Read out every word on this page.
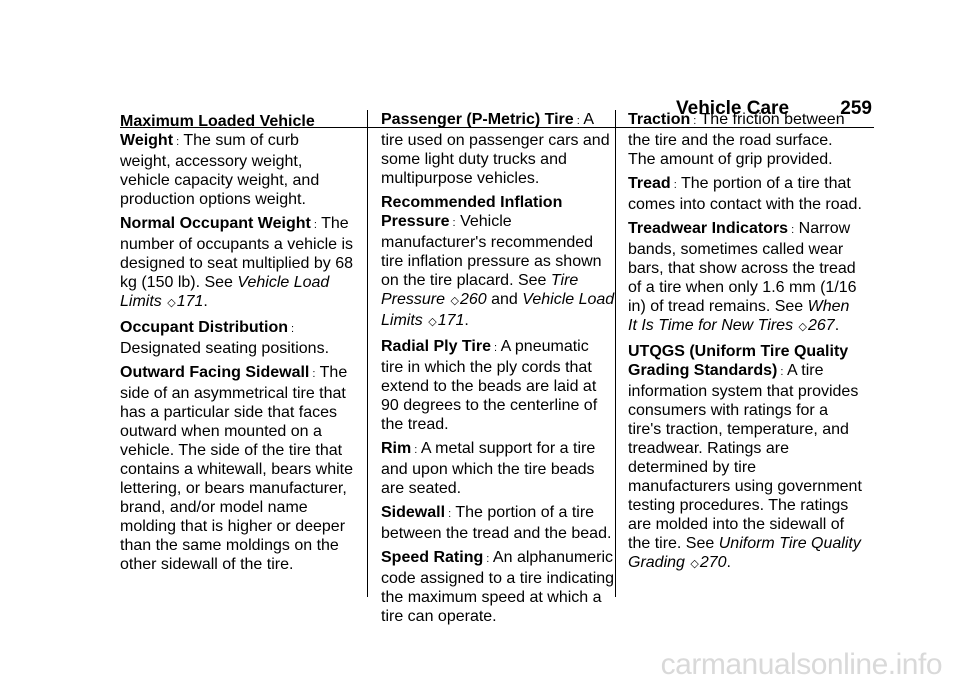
Vehicle Care	259

Maximum Loaded Vehicle Weight : The sum of curb weight, accessory weight, vehicle capacity weight, and production options weight.

Normal Occupant Weight : The number of occupants a vehicle is designed to seat multiplied by 68 kg (150 lb). See Vehicle Load Limits ◇171.

Occupant Distribution :
Designated seating positions.

Outward Facing Sidewall : The side of an asymmetrical tire that has a particular side that faces outward when mounted on a vehicle. The side of the tire that contains a whitewall, bears white lettering, or bears manufacturer, brand, and/or model name molding that is higher or deeper than the same moldings on the other sidewall of the tire.

Passenger (P-Metric) Tire : A tire used on passenger cars and some light duty trucks and multipurpose vehicles.

Recommended Inflation Pressure : Vehicle manufacturer's recommended tire inflation pressure as shown on the tire placard. See Tire Pressure ◇260 and Vehicle Load Limits ◇171.

Radial Ply Tire : A pneumatic tire in which the ply cords that extend to the beads are laid at 90 degrees to the centerline of the tread.

Rim : A metal support for a tire and upon which the tire beads are seated.

Sidewall : The portion of a tire between the tread and the bead.

Speed Rating : An alphanumeric code assigned to a tire indicating the maximum speed at which a tire can operate.

Traction : The friction between the tire and the road surface. The amount of grip provided.

Tread : The portion of a tire that comes into contact with the road.

Treadwear Indicators : Narrow bands, sometimes called wear bars, that show across the tread of a tire when only 1.6 mm (1/16 in) of tread remains. See When It Is Time for New Tires ◇267.

UTQGS (Uniform Tire Quality Grading Standards) : A tire information system that provides consumers with ratings for a tire's traction, temperature, and treadwear. Ratings are determined by tire manufacturers using government testing procedures. The ratings are molded into the sidewall of the tire. See Uniform Tire Quality Grading ◇270.

carmanualsonline.info
